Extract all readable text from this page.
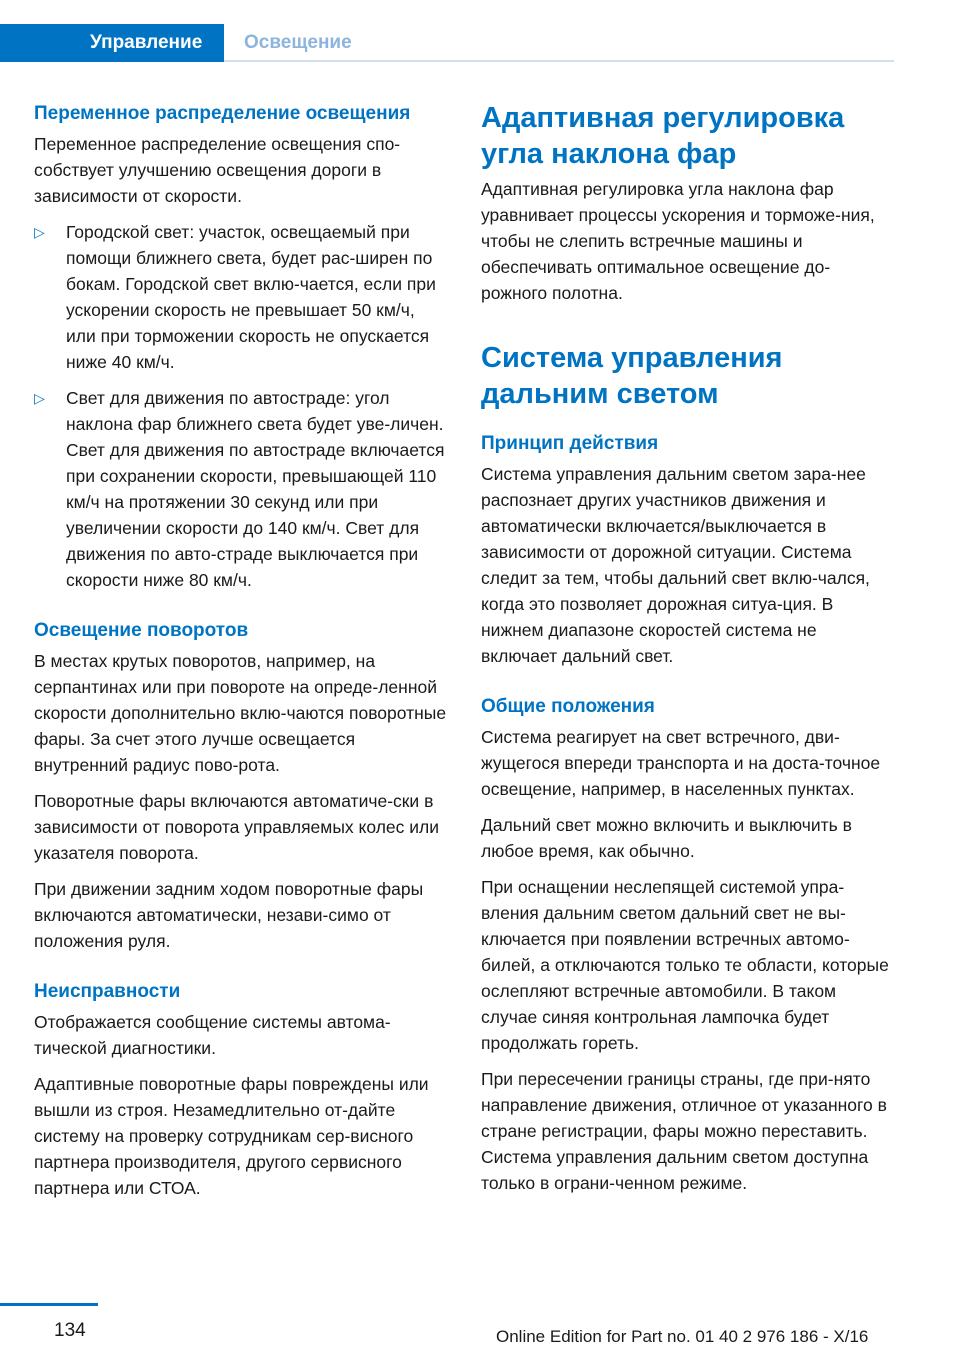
Управление	Освещение
Переменное распределение освещения
Переменное распределение освещения спо-собствует улучшению освещения дороги в зависимости от скорости.
▷ Городской свет: участок, освещаемый при помощи ближнего света, будет рас-ширен по бокам. Городской свет вклю-чается, если при ускорении скорость не превышает 50 км/ч, или при торможении скорость не опускается ниже 40 км/ч.
▷ Свет для движения по автостраде: угол наклона фар ближнего света будет уве-личен. Свет для движения по автостраде включается при сохранении скорости, превышающей 110 км/ч на протяжении 30 секунд или при увеличении скорости до 140 км/ч. Свет для движения по авто-страде выключается при скорости ниже 80 км/ч.
Освещение поворотов
В местах крутых поворотов, например, на серпантинах или при повороте на опреде-ленной скорости дополнительно вклю-чаются поворотные фары. За счет этого лучше освещается внутренний радиус пово-рота.
Поворотные фары включаются автоматиче-ски в зависимости от поворота управляемых колес или указателя поворота.
При движении задним ходом поворотные фары включаются автоматически, незави-симо от положения руля.
Неисправности
Отображается сообщение системы автома-тической диагностики.
Адаптивные поворотные фары повреждены или вышли из строя. Незамедлительно от-дайте систему на проверку сотрудникам сер-висного партнера производителя, другого сервисного партнера или СТОА.
Адаптивная регулировка угла наклона фар
Адаптивная регулировка угла наклона фар уравнивает процессы ускорения и торможе-ния, чтобы не слепить встречные машины и обеспечивать оптимальное освещение до-рожного полотна.
Система управления дальним светом
Принцип действия
Система управления дальним светом зара-нее распознает других участников движения и автоматически включается/выключается в зависимости от дорожной ситуации. Система следит за тем, чтобы дальний свет вклю-чался, когда это позволяет дорожная ситуа-ция. В нижнем диапазоне скоростей система не включает дальний свет.
Общие положения
Система реагирует на свет встречного, дви-жущегося впереди транспорта и на доста-точное освещение, например, в населенных пунктах.
Дальний свет можно включить и выключить в любое время, как обычно.
При оснащении неслепящей системой упра-вления дальним светом дальний свет не вы-ключается при появлении встречных автомо-билей, а отключаются только те области, которые ослепляют встречные автомобили. В таком случае синяя контрольная лампочка будет продолжать гореть.
При пересечении границы страны, где при-нято направление движения, отличное от указанного в стране регистрации, фары можно переставить. Система управления дальним светом доступна только в ограни-ченном режиме.
134	Online Edition for Part no. 01 40 2 976 186 - X/16
